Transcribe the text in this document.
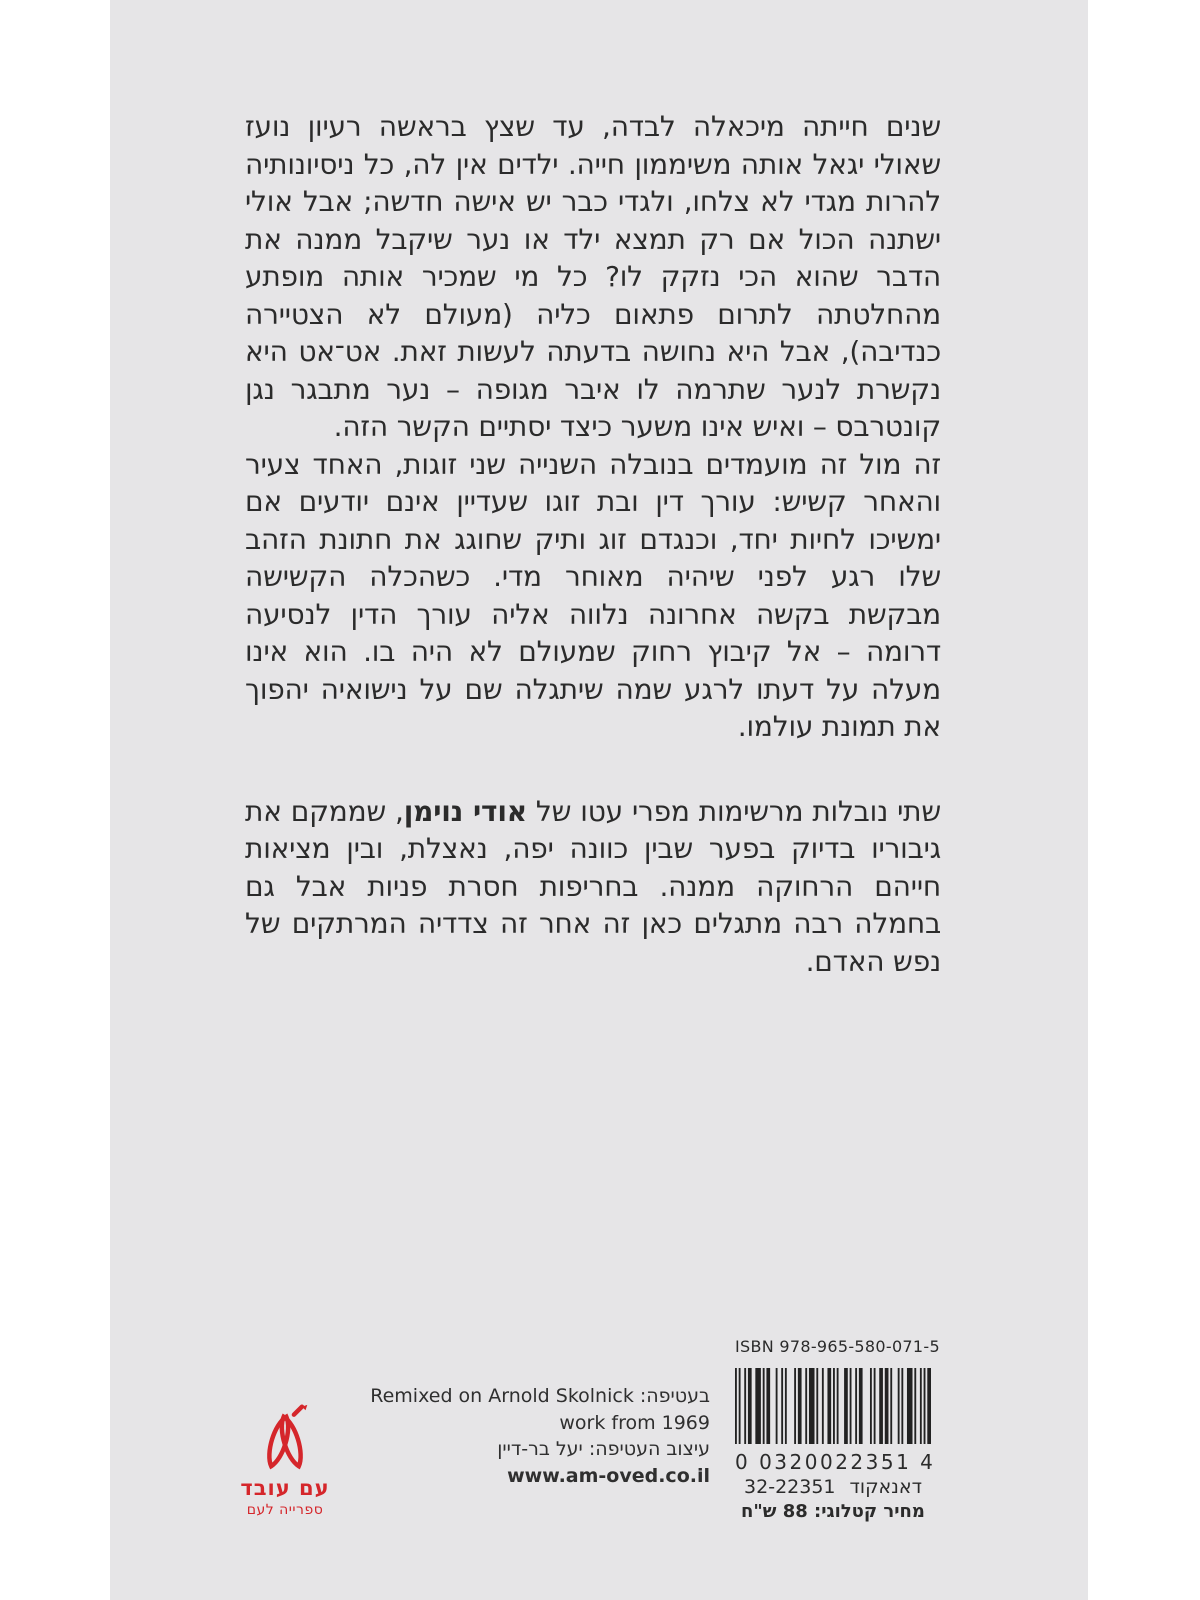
שנים חייתה מיכאלה לבדה, עד שצץ בראשה רעיון נועז שאולי יגאל אותה משיממון חייה. ילדים אין לה, כל ניסיונותיה להרות מגדי לא צלחו, ולגדי כבר יש אישה חדשה; אבל אולי ישתנה הכול אם רק תמצא ילד או נער שיקבל ממנה את הדבר שהוא הכי נזקק לו? כל מי שמכיר אותה מופתע מהחלטתה לתרום פתאום כליה (מעולם לא הצטיירה כנדיבה), אבל היא נחושה בדעתה לעשות זאת. אט־אט היא נקשרת לנער שתרמה לו איבר מגופה – נער מתבגר נגן קונטרבס – ואיש אינו משער כיצד יסתיים הקשר הזה.

זה מול זה מועמדים בנובלה השנייה שני זוגות, האחד צעיר והאחר קשיש: עורך דין ובת זוגו שעדיין אינם יודעים אם ימשיכו לחיות יחד, וכנגדם זוג ותיק שחוגג את חתונת הזהב שלו רגע לפני שיהיה מאוחר מדי. כשהכלה הקשישה מבקשת בקשה אחרונה נלווה אליה עורך הדין לנסיעה דרומה – אל קיבוץ רחוק שמעולם לא היה בו. הוא אינו מעלה על דעתו לרגע שמה שיתגלה שם על נישואיה יהפוך את תמונת עולמו.

שתי נובלות מרשימות מפרי עטו של אודי נוימן, שממקם את גיבוריו בדיוק בפער שבין כוונה יפה, נאצלת, ובין מציאות חייהם הרחוקה ממנה. בחריפות חסרת פניות אבל גם בחמלה רבה מתגלים כאן זה אחר זה צדדיה המרתקים של נפש האדם.

עם עובד
ספרייה לעם
בעטיפה: Remixed on Arnold Skolnick
work from 1969
עיצוב העטיפה: יעל בר-דיין
www.am-oved.co.il
ISBN 978-965-580-071-5
0 0320022351 4
דאנאקוד
32-22351
מחיר קטלוגי: 88 ש"ח
